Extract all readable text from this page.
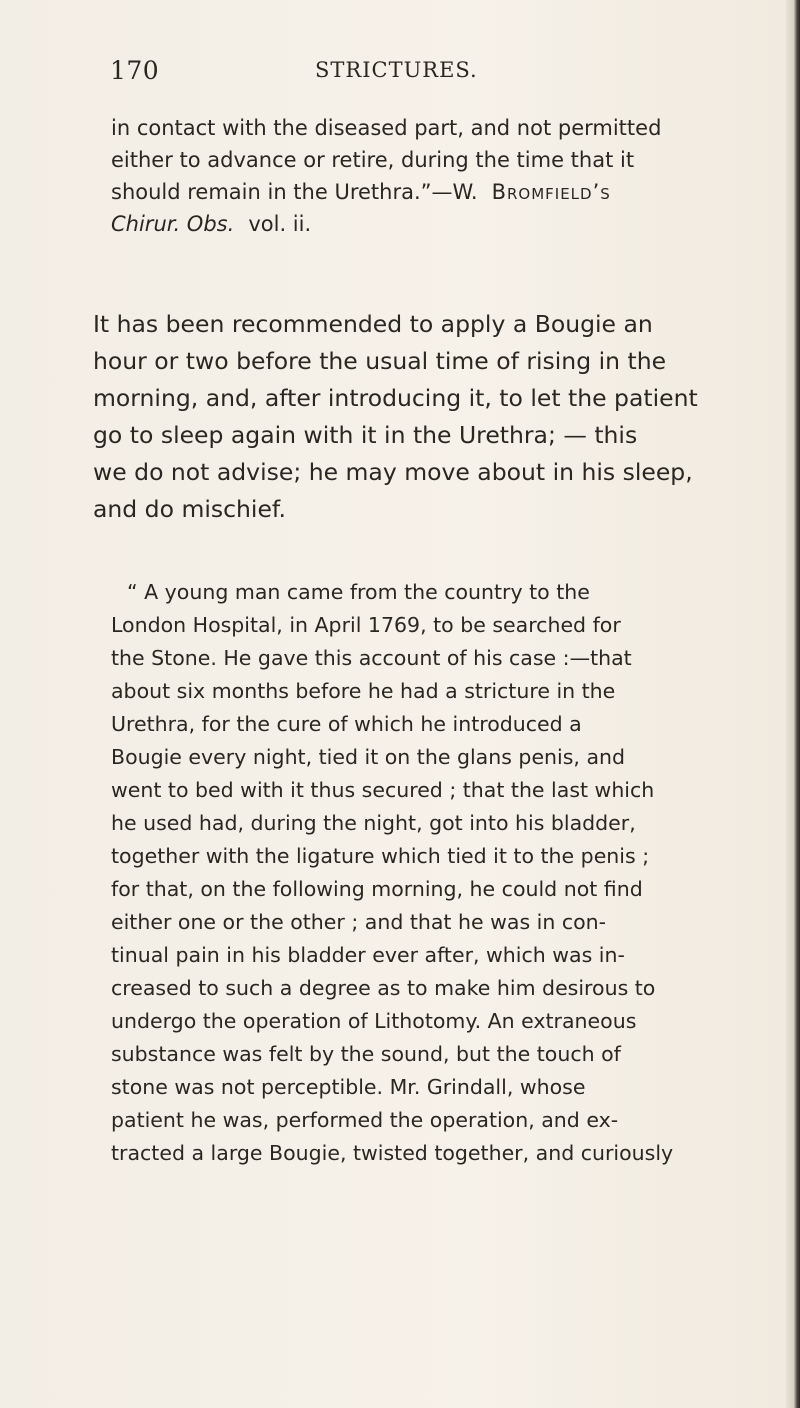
170	STRICTURES.
in contact with the diseased part, and not permitted
either to advance or retire, during the time that it
should remain in the Urethra.”—W. Bromfield’s
Chirur. Obs. vol. ii.
It has been recommended to apply a Bougie an
hour or two before the usual time of rising in the
morning, and, after introducing it, to let the patient
go to sleep again with it in the Urethra; — this
we do not advise; he may move about in his sleep,
and do mischief.
“ A young man came from the country to the
London Hospital, in April 1769, to be searched for
the Stone. He gave this account of his case :—that
about six months before he had a stricture in the
Urethra, for the cure of which he introduced a
Bougie every night, tied it on the glans penis, and
went to bed with it thus secured ; that the last which
he used had, during the night, got into his bladder,
together with the ligature which tied it to the penis ;
for that, on the following morning, he could not find
either one or the other ; and that he was in con-
tinual pain in his bladder ever after, which was in-
creased to such a degree as to make him desirous to
undergo the operation of Lithotomy. An extraneous
substance was felt by the sound, but the touch of
stone was not perceptible. Mr. Grindall, whose
patient he was, performed the operation, and ex-
tracted a large Bougie, twisted together, and curiously
